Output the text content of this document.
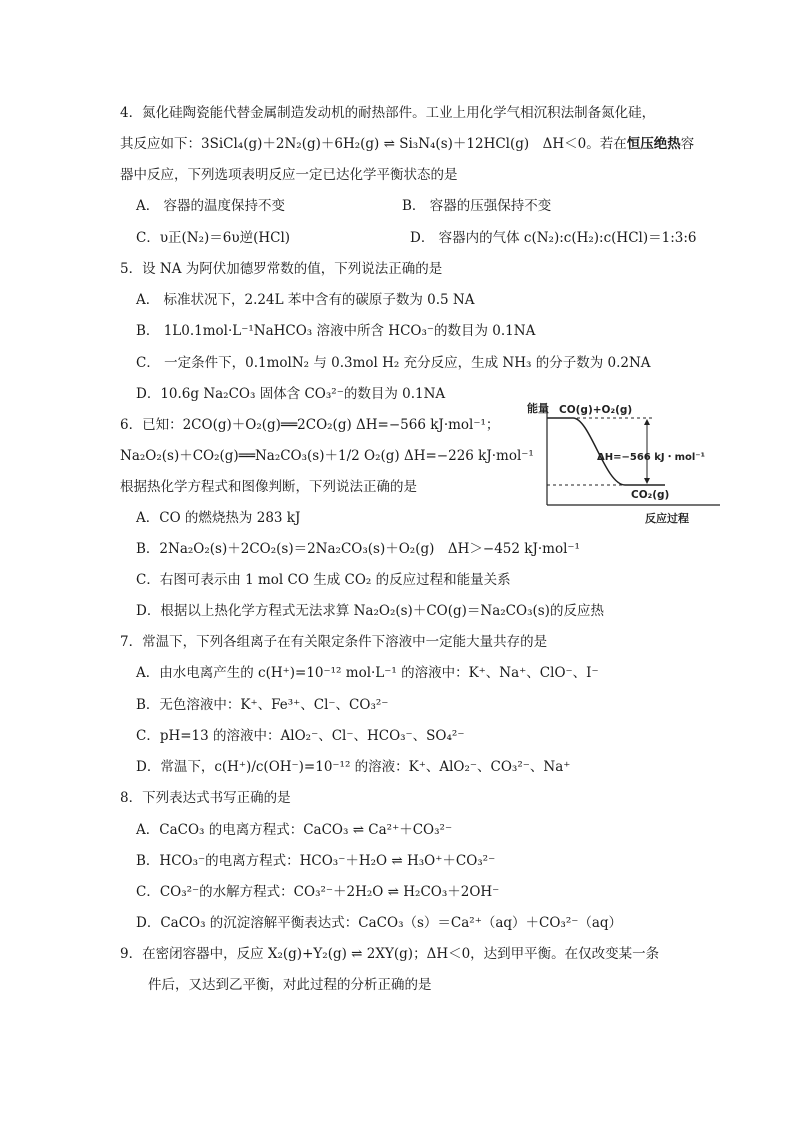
4．氮化硅陶瓷能代替金属制造发动机的耐热部件。工业上用化学气相沉积法制备氮化硅，
其反应如下：3SiCl₄(g)＋2N₂(g)＋6H₂(g) ⇌ Si₃N₄(s)＋12HCl(g)　ΔH＜0。若在恒压绝热容
器中反应，下列选项表明反应一定已达化学平衡状态的是
A． 容器的温度保持不变	B． 容器的压强保持不变
C．υ正(N₂)＝6υ逆(HCl)	D． 容器内的气体 c(N₂):c(H₂):c(HCl)＝1:3:6
5．设 NA 为阿伏加德罗常数的值，下列说法正确的是
A． 标准状况下，2.24L 苯中含有的碳原子数为 0.5 NA
B． 1L0.1mol·L⁻¹NaHCO₃ 溶液中所含 HCO₃⁻的数目为 0.1NA
C． 一定条件下，0.1molN₂ 与 0.3mol H₂ 充分反应，生成 NH₃ 的分子数为 0.2NA
D．10.6g Na₂CO₃ 固体含 CO₃²⁻的数目为 0.1NA
6．已知：2CO(g)＋O₂(g)══2CO₂(g) ΔH=−566 kJ·mol⁻¹；
Na₂O₂(s)＋CO₂(g)══Na₂CO₃(s)＋1/2 O₂(g) ΔH=−226 kJ·mol⁻¹
根据热化学方程式和图像判断，下列说法正确的是
A．CO 的燃烧热为 283 kJ
B．2Na₂O₂(s)＋2CO₂(s)＝2Na₂CO₃(s)＋O₂(g)　ΔH＞−452 kJ·mol⁻¹
C．右图可表示由 1 mol CO 生成 CO₂ 的反应过程和能量关系
D．根据以上热化学方程式无法求算 Na₂O₂(s)＋CO(g)＝Na₂CO₃(s)的反应热
能量 CO(g)+O₂(g)
CO₂(g)
ΔH=−566 kJ・mol⁻¹
反应过程
7．常温下，下列各组离子在有关限定条件下溶液中一定能大量共存的是
A．由水电离产生的 c(H⁺)=10⁻¹² mol·L⁻¹ 的溶液中：K⁺、Na⁺、ClO⁻、I⁻
B．无色溶液中：K⁺、Fe³⁺、Cl⁻、CO₃²⁻
C．pH=13 的溶液中：AlO₂⁻、Cl⁻、HCO₃⁻、SO₄²⁻
D．常温下，c(H⁺)/c(OH⁻)=10⁻¹² 的溶液：K⁺、AlO₂⁻、CO₃²⁻、Na⁺
8．下列表达式书写正确的是
A．CaCO₃ 的电离方程式：CaCO₃ ⇌ Ca²⁺＋CO₃²⁻
B．HCO₃⁻的电离方程式：HCO₃⁻＋H₂O ⇌ H₃O⁺＋CO₃²⁻
C．CO₃²⁻的水解方程式：CO₃²⁻＋2H₂O ⇌ H₂CO₃＋2OH⁻
D．CaCO₃ 的沉淀溶解平衡表达式：CaCO₃（s）＝Ca²⁺（aq）＋CO₃²⁻（aq）
9．在密闭容器中，反应 X₂(g)+Y₂(g) ⇌ 2XY(g)；ΔH＜0，达到甲平衡。在仅改变某一条
件后，又达到乙平衡，对此过程的分析正确的是
